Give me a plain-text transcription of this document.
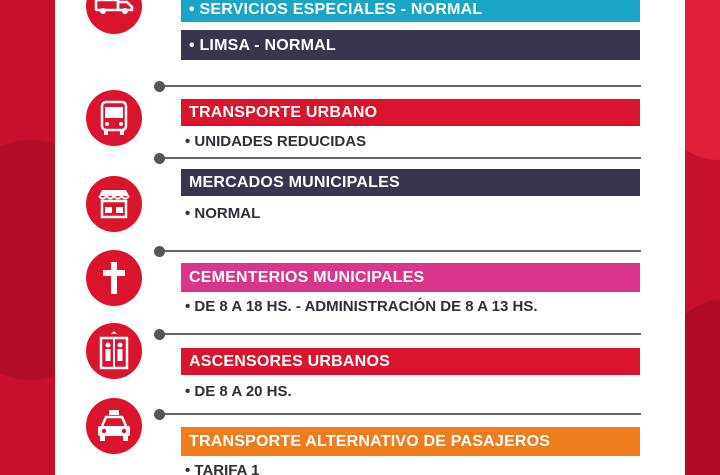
• SERVICIOS ESPECIALES - NORMAL
• LIMSA - NORMAL
TRANSPORTE URBANO
• UNIDADES REDUCIDAS
MERCADOS MUNICIPALES
• NORMAL
CEMENTERIOS MUNICIPALES
• DE 8 A 18 HS. - ADMINISTRACIÓN DE 8 A 13 HS.
ASCENSORES URBANOS
• DE 8 A 20 HS.
TRANSPORTE ALTERNATIVO DE PASAJEROS
• TARIFA 1
